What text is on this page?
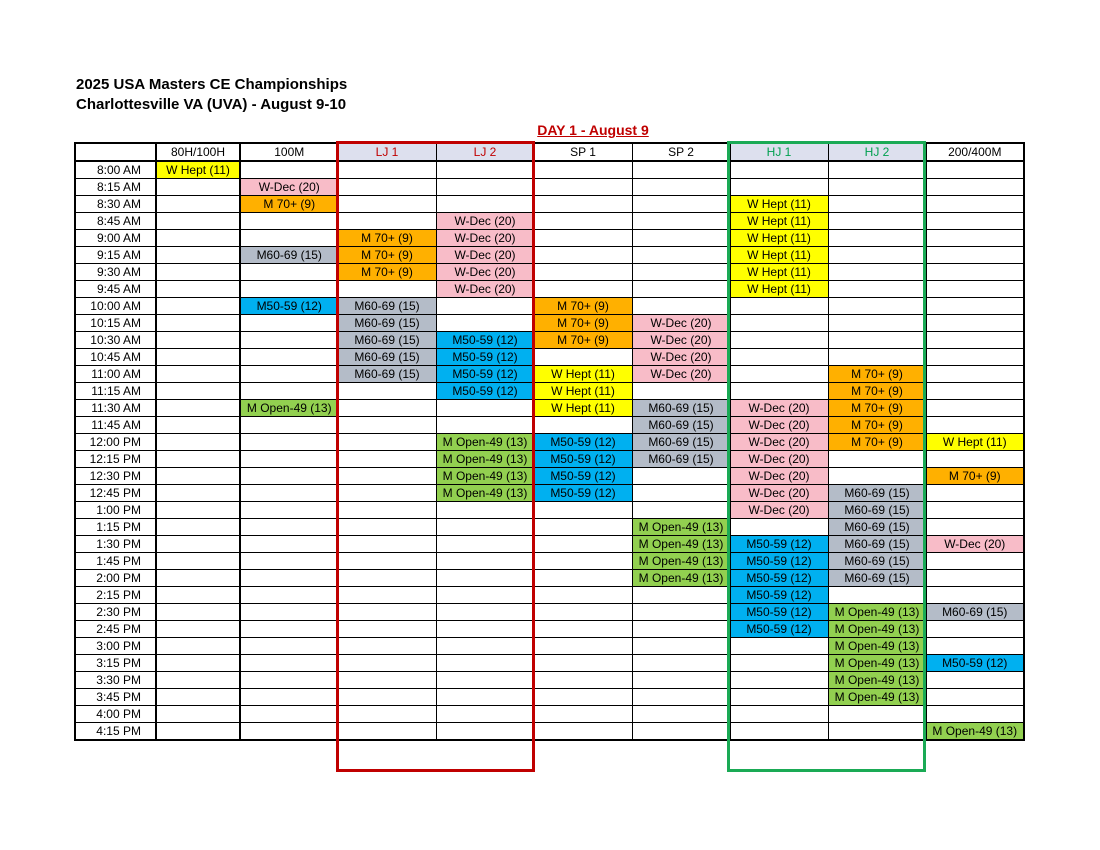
2025 USA Masters CE Championships
Charlottesville VA (UVA) - August 9-10
DAY 1 - August 9
	80H/100H	100M	LJ 1	LJ 2	SP 1	SP 2	HJ 1	HJ 2	200/400M
8:00 AM	W Hept (11)								
8:15 AM		W-Dec (20)							
8:30 AM		M 70+ (9)					W Hept (11)		
8:45 AM				W-Dec (20)			W Hept (11)		
9:00 AM			M 70+ (9)	W-Dec (20)			W Hept (11)		
9:15 AM		M60-69 (15)	M 70+ (9)	W-Dec (20)			W Hept (11)		
9:30 AM			M 70+ (9)	W-Dec (20)			W Hept (11)		
9:45 AM				W-Dec (20)			W Hept (11)		
10:00 AM		M50-59 (12)	M60-69 (15)		M 70+ (9)				
10:15 AM			M60-69 (15)		M 70+ (9)	W-Dec (20)			
10:30 AM			M60-69 (15)	M50-59 (12)	M 70+ (9)	W-Dec (20)			
10:45 AM			M60-69 (15)	M50-59 (12)		W-Dec (20)			
11:00 AM			M60-69 (15)	M50-59 (12)	W Hept (11)	W-Dec (20)		M 70+ (9)	
11:15 AM				M50-59 (12)	W Hept (11)			M 70+ (9)	
11:30 AM		M Open-49 (13)			W Hept (11)	M60-69 (15)	W-Dec (20)	M 70+ (9)	
11:45 AM						M60-69 (15)	W-Dec (20)	M 70+ (9)	
12:00 PM				M Open-49 (13)	M50-59 (12)	M60-69 (15)	W-Dec (20)	M 70+ (9)	W Hept (11)
12:15 PM				M Open-49 (13)	M50-59 (12)	M60-69 (15)	W-Dec (20)		
12:30 PM				M Open-49 (13)	M50-59 (12)		W-Dec (20)		M 70+ (9)
12:45 PM				M Open-49 (13)	M50-59 (12)		W-Dec (20)	M60-69 (15)	
1:00 PM							W-Dec (20)	M60-69 (15)	
1:15 PM						M Open-49 (13)		M60-69 (15)	
1:30 PM						M Open-49 (13)	M50-59 (12)	M60-69 (15)	W-Dec (20)
1:45 PM						M Open-49 (13)	M50-59 (12)	M60-69 (15)	
2:00 PM						M Open-49 (13)	M50-59 (12)	M60-69 (15)	
2:15 PM							M50-59 (12)		
2:30 PM							M50-59 (12)	M Open-49 (13)	M60-69 (15)
2:45 PM							M50-59 (12)	M Open-49 (13)	
3:00 PM								M Open-49 (13)	
3:15 PM								M Open-49 (13)	M50-59 (12)
3:30 PM								M Open-49 (13)	
3:45 PM								M Open-49 (13)	
4:00 PM									
4:15 PM									M Open-49 (13)
